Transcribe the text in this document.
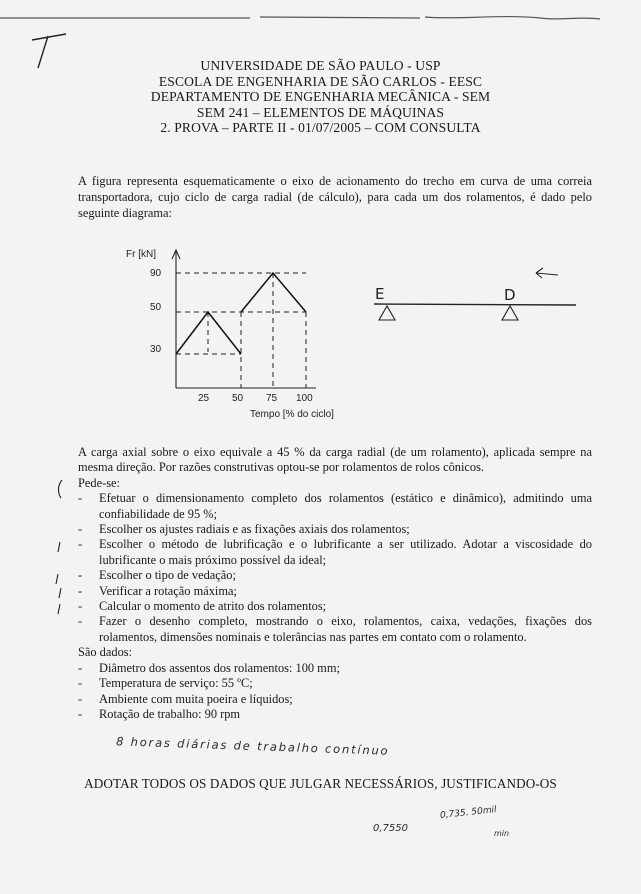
UNIVERSIDADE DE SÃO PAULO - USP
ESCOLA DE ENGENHARIA DE SÃO CARLOS - EESC
DEPARTAMENTO DE ENGENHARIA MECÂNICA - SEM
SEM 241 – ELEMENTOS DE MÁQUINAS
2. PROVA – PARTE II - 01/07/2005 – COM CONSULTA
A figura representa esquematicamente o eixo de acionamento do trecho em curva de uma correia transportadora, cujo ciclo de carga radial (de cálculo), para cada um dos rolamentos, é dado pelo seguinte diagrama:
Fr [kN]
90
50
30
25 50 75 100
Tempo [% do ciclo]
E	D
A carga axial sobre o eixo equivale a 45 % da carga radial (de um rolamento), aplicada sempre na mesma direção. Por razões construtivas optou-se por rolamentos de rolos cônicos.
Pede-se:
- Efetuar o dimensionamento completo dos rolamentos (estático e dinâmico), admitindo uma confiabilidade de 95 %;
- Escolher os ajustes radiais e as fixações axiais dos rolamentos;
- Escolher o método de lubrificação e o lubrificante a ser utilizado. Adotar a viscosidade do lubrificante o mais próximo possível da ideal;
- Escolher o tipo de vedação;
- Verificar a rotação máxima;
- Calcular o momento de atrito dos rolamentos;
- Fazer o desenho completo, mostrando o eixo, rolamentos, caixa, vedações, fixações dos rolamentos, dimensões nominais e tolerâncias nas partes em contato com o rolamento.
São dados:
- Diâmetro dos assentos dos rolamentos: 100 mm;
- Temperatura de serviço: 55 ºC;
- Ambiente com muita poeira e líquidos;
- Rotação de trabalho: 90 rpm
8 horas diárias de trabalho contínuo
ADOTAR TODOS OS DADOS QUE JULGAR NECESSÁRIOS, JUSTIFICANDO-OS
0,7550
0,735. 50mil
min
